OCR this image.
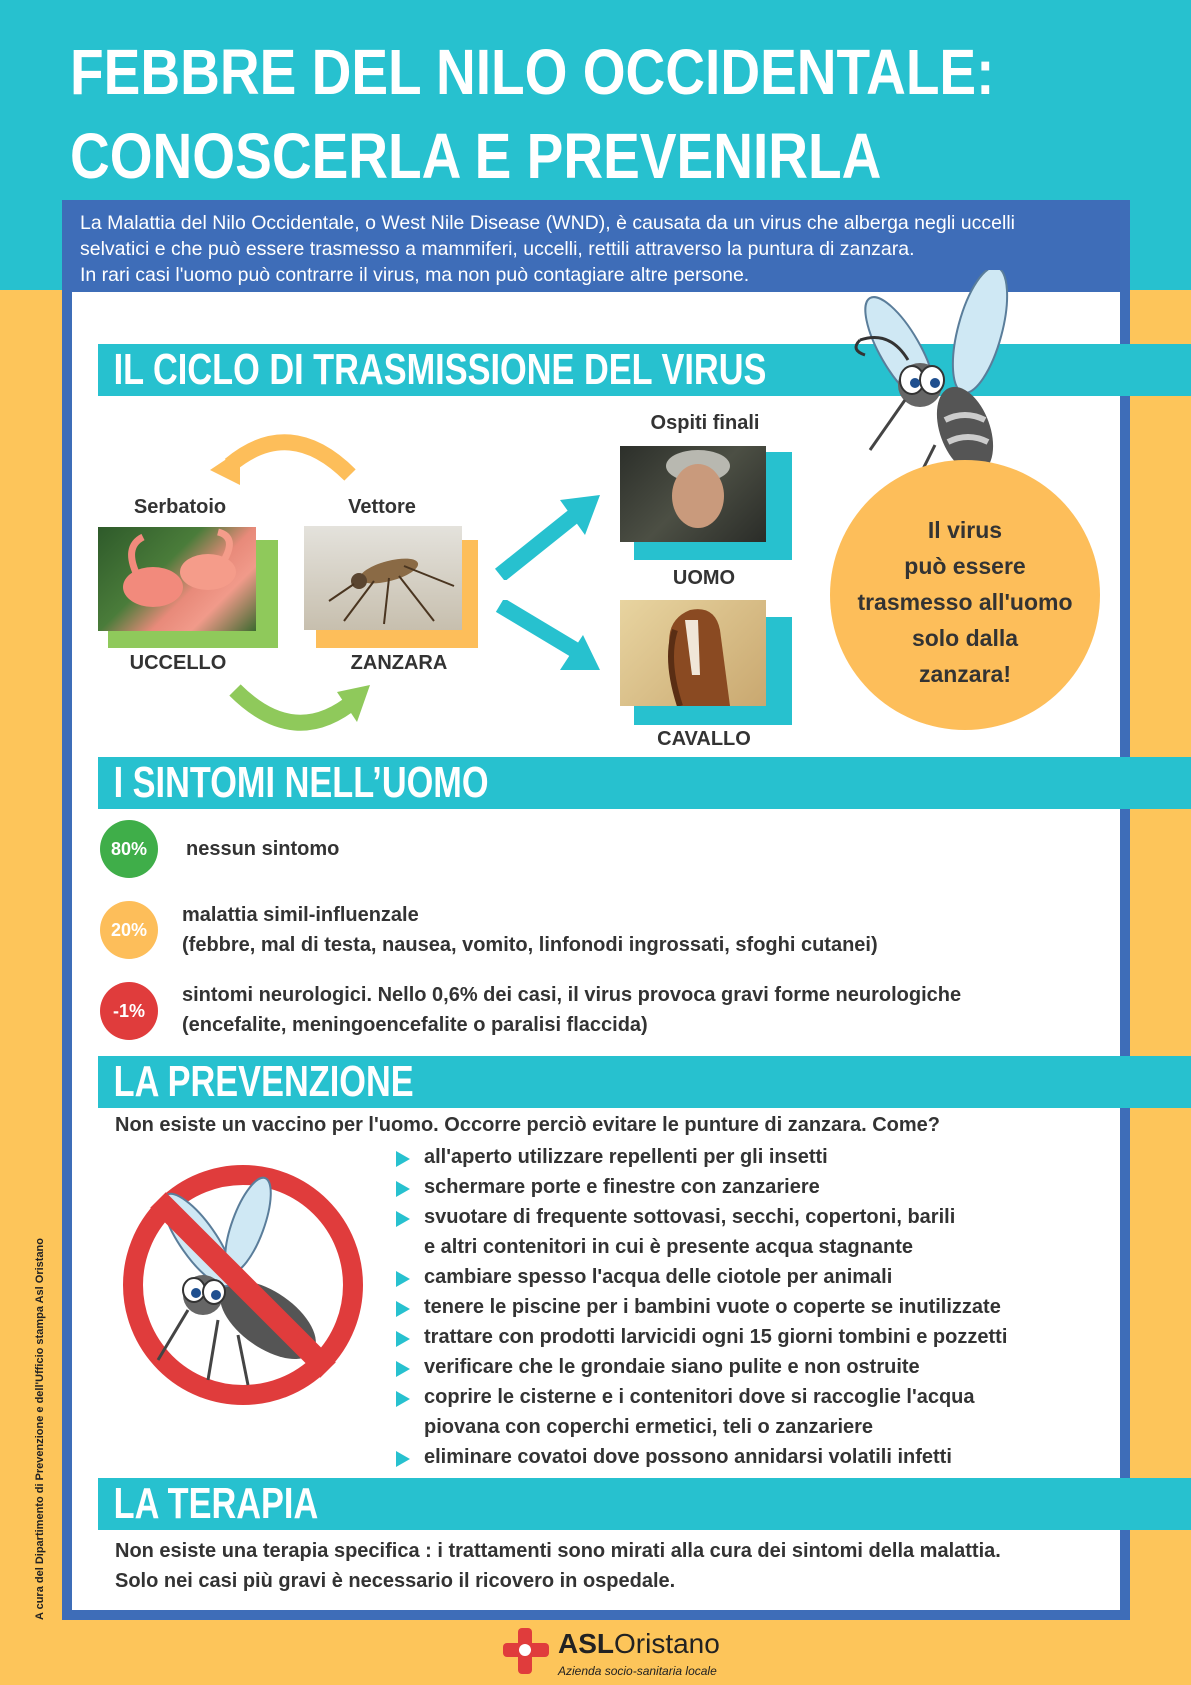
FEBBRE DEL NILO OCCIDENTALE:
CONOSCERLA E PREVENIRLA
La Malattia del Nilo Occidentale, o West Nile Disease (WND), è causata da un virus che alberga negli uccelli
selvatici e che può essere trasmesso a mammiferi, uccelli, rettili attraverso la puntura di zanzara.
In rari casi l'uomo può contrarre il virus, ma non può contagiare altre persone.
IL CICLO DI TRASMISSIONE DEL VIRUS
Il virus
può essere
trasmesso all'uomo
solo dalla
zanzara!
Serbatoio	Vettore
Ospiti finali
UCCELLO	ZANZARA
UOMO
CAVALLO
I SINTOMI NELL’UOMO
80%	nessun sintomo
20%
malattia simil-influenzale
(febbre, mal di testa, nausea, vomito, linfonodi ingrossati, sfoghi cutanei)
-1%
sintomi neurologici. Nello 0,6% dei casi, il virus provoca gravi forme neurologiche
(encefalite, meningoencefalite o paralisi flaccida)
LA PREVENZIONE
Non esiste un vaccino per l'uomo. Occorre perciò evitare le punture di zanzara. Come?
all'aperto utilizzare repellenti per gli insetti
schermare porte e finestre con zanzariere
svuotare di frequente sottovasi, secchi, copertoni, barili
e altri contenitori in cui è presente acqua stagnante
cambiare spesso l'acqua delle ciotole per animali
tenere le piscine per i bambini vuote o coperte se inutilizzate
trattare con prodotti larvicidi ogni 15 giorni tombini e pozzetti
verificare che le grondaie siano pulite e non ostruite
coprire le cisterne e i contenitori dove si raccoglie l'acqua
piovana con coperchi ermetici, teli o zanzariere
eliminare covatoi dove possono annidarsi volatili infetti
LA TERAPIA
Non esiste una terapia specifica : i trattamenti sono mirati alla cura dei sintomi della malattia.
Solo nei casi più gravi è necessario il ricovero in ospedale.
A cura del Dipartimento di Prevenzione e dell'Ufficio stampa Asl Oristano
ASLOristano
Azienda socio-sanitaria locale
